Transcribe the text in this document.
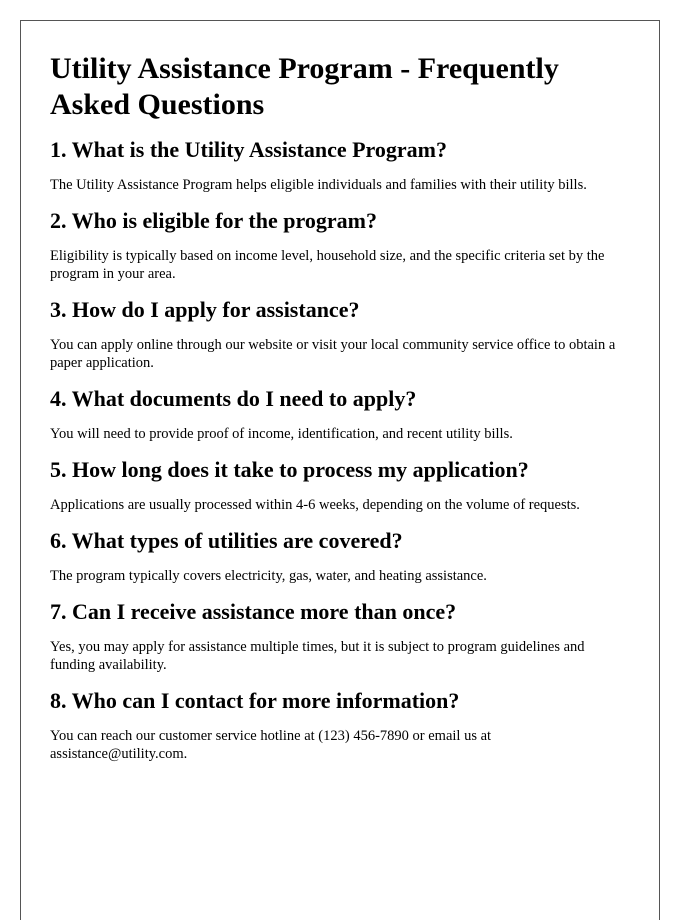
Utility Assistance Program - Frequently Asked Questions
1. What is the Utility Assistance Program?

The Utility Assistance Program helps eligible individuals and families with their utility bills.

2. Who is eligible for the program?

Eligibility is typically based on income level, household size, and the specific criteria set by the program in your area.

3. How do I apply for assistance?

You can apply online through our website or visit your local community service office to obtain a paper application.

4. What documents do I need to apply?

You will need to provide proof of income, identification, and recent utility bills.

5. How long does it take to process my application?

Applications are usually processed within 4-6 weeks, depending on the volume of requests.

6. What types of utilities are covered?

The program typically covers electricity, gas, water, and heating assistance.

7. Can I receive assistance more than once?

Yes, you may apply for assistance multiple times, but it is subject to program guidelines and funding availability.

8. Who can I contact for more information?

You can reach our customer service hotline at (123) 456-7890 or email us at assistance@utility.com.
